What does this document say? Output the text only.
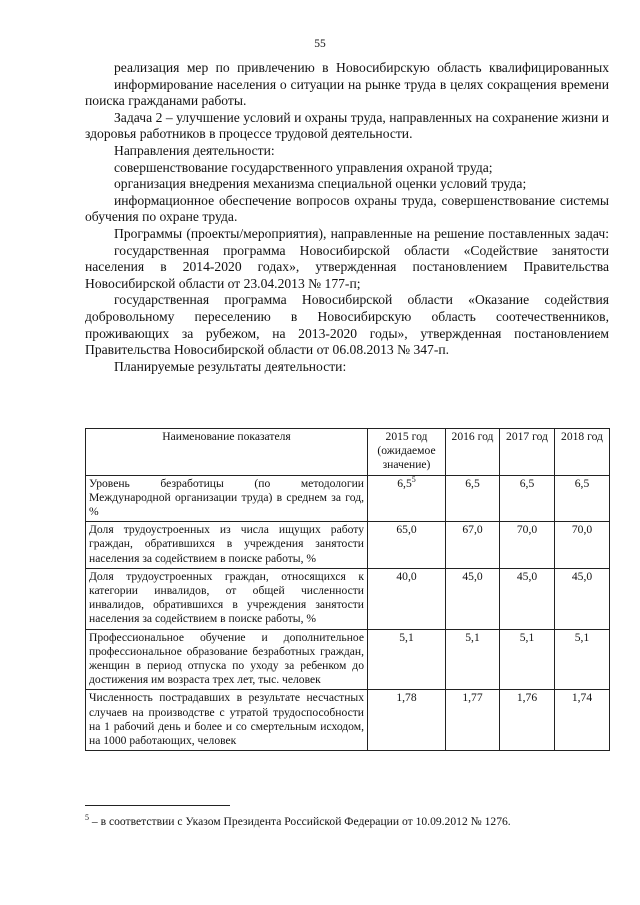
55

реализация мер по привлечению в Новосибирскую область квалифицированных

информирование населения о ситуации на рынке труда в целях сокращения времени поиска гражданами работы.

Задача 2 – улучшение условий и охраны труда, направленных на сохранение жизни и здоровья работников в процессе трудовой деятельности.

Направления деятельности:

совершенствование государственного управления охраной труда;

организация внедрения механизма специальной оценки условий труда;

информационное обеспечение вопросов охраны труда, совершенствование системы обучения по охране труда.

Программы (проекты/мероприятия), направленные на решение поставленных задач:

государственная программа Новосибирской области «Содействие занятости населения в 2014-2020 годах», утвержденная постановлением Правительства Новосибирской области от 23.04.2013 № 177-п;

государственная программа Новосибирской области «Оказание содействия добровольному переселению в Новосибирскую область соотечественников, проживающих за рубежом, на 2013-2020 годы», утвержденная постановлением Правительства Новосибирской области от 06.08.2013 № 347-п.

Планируемые результаты деятельности:

Наименование показателя	2015 год (ожидаемое значение)	2016 год	2017 год	2018 год
Уровень безработицы (по методологии Международной организации труда) в среднем за год, %	$6,5^5$	6,5	6,5	6,5
Доля трудоустроенных из числа ищущих работу граждан, обратившихся в учреждения занятости населения за содействием в поиске работы, %	65,0	67,0	70,0	70,0
Доля трудоустроенных граждан, относящихся к категории инвалидов, от общей численности инвалидов, обратившихся в учреждения занятости населения за содействием в поиске работы, %	40,0	45,0	45,0	45,0
Профессиональное обучение и дополнительное профессиональное образование безработных граждан, женщин в период отпуска по уходу за ребенком до достижения им возраста трех лет, тыс. человек	5,1	5,1	5,1	5,1
Численность пострадавших в результате несчастных случаев на производстве с утратой трудоспособности на 1 рабочий день и более и со смертельным исходом, на 1000 работающих, человек	1,78	1,77	1,76	1,74
$^5$ – в соответствии с Указом Президента Российской Федерации от 10.09.2012 № 1276.
